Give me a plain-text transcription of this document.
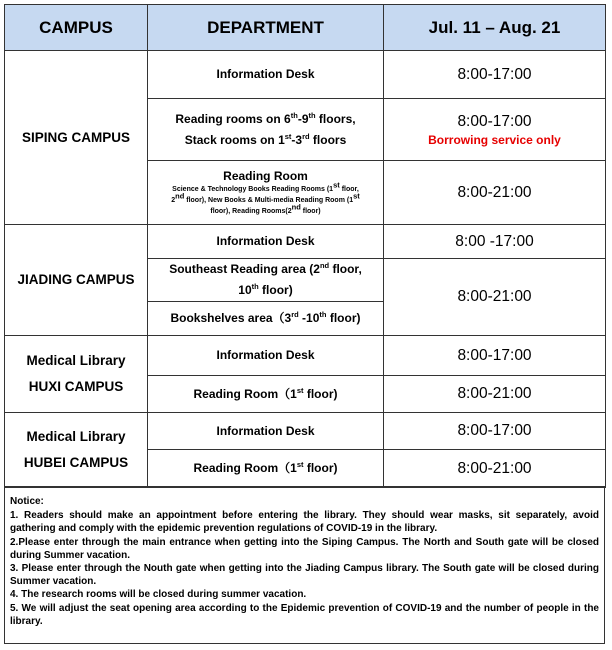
CAMPUS	DEPARTMENT	Jul. 11 – Aug. 21
SIPING CAMPUS	Information Desk	8:00-17:00
	Reading rooms on 6th-9th floors,
Stack rooms on 1st-3rd floors	8:00-17:00
Borrowing service only

	Reading Room
Science & Technology Books Reading Rooms (1st floor,
2nd floor), New Books & Multi-media Reading Room (1st
floor), Reading Rooms(2nd floor)	8:00-21:00
JIADING CAMPUS	Information Desk	8:00 -17:00
	Southeast Reading area (2nd floor,
10th floor)	8:00-21:00
	Bookshelves area（3rd -10th floor)	
Medical Library
HUXI CAMPUS	Information Desk	8:00-17:00
	Reading Room（1st floor)	8:00-21:00
Medical Library
HUBEI CAMPUS	Information Desk	8:00-17:00
	Reading Room（1st floor)	8:00-21:00
Notice:
1. Readers should make an appointment before entering the library. They should wear masks, sit separately, avoid gathering and comply with the epidemic prevention regulations of COVID-19 in the library.
2.Please enter through the main entrance when getting into the Siping Campus. The North and South gate will be closed during Summer vacation.
3. Please enter through the Nouth gate when getting into the Jiading Campus library. The South gate will be closed during Summer vacation.
4. The research rooms will be closed during summer vacation.
5. We will adjust the seat opening area according to the Epidemic prevention of COVID-19 and the number of people in the library.
